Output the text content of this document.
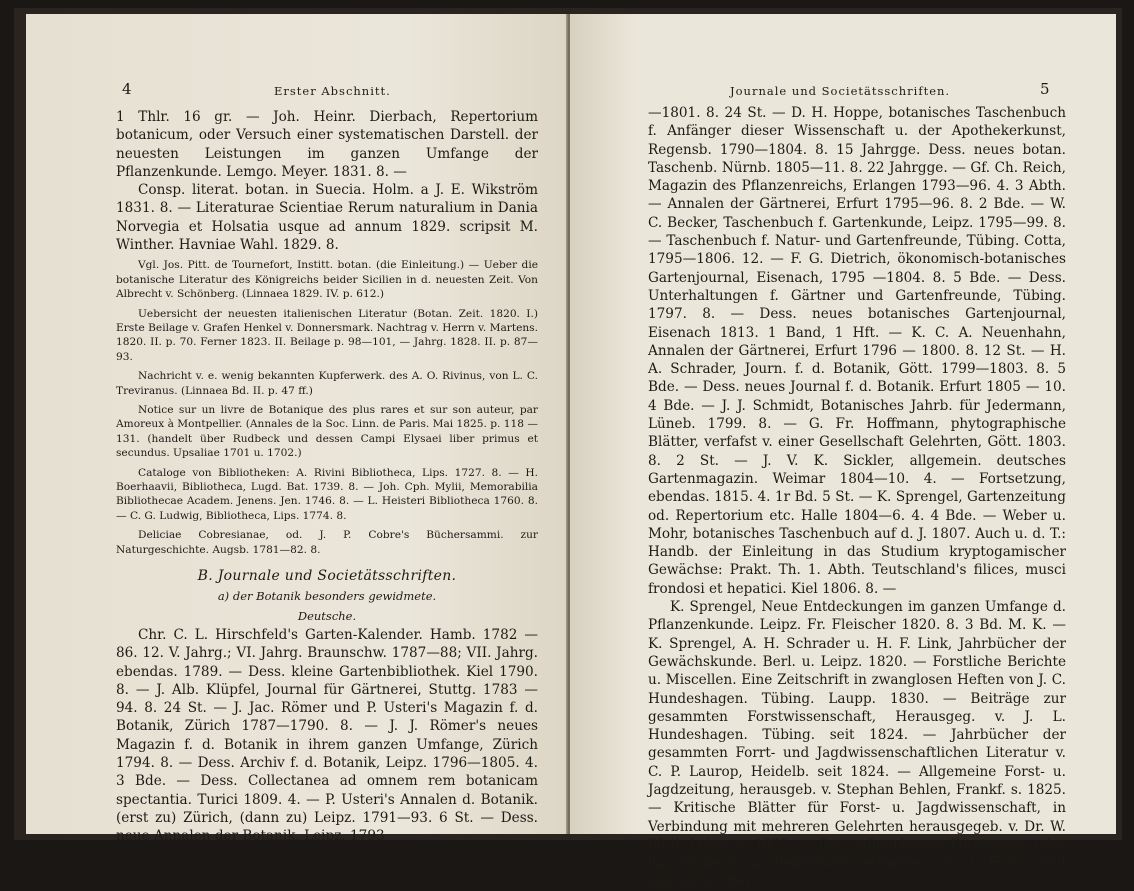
4	Erster Abschnitt.

1 Thlr. 16 gr. — Joh. Heinr. Dierbach, Repertorium botanicum, oder Versuch einer systematischen Darstell. der neuesten Leistungen im ganzen Umfange der Pflanzenkunde. Lemgo. Meyer. 1831. 8. —

Consp. literat. botan. in Suecia. Holm. a J. E. Wikström 1831. 8. — Literaturae Scientiae Rerum naturalium in Dania Norvegia et Holsatia usque ad annum 1829. scripsit M. Winther. Havniae Wahl. 1829. 8.

Vgl. Jos. Pitt. de Tournefort, Institt. botan. (die Einleitung.) — Ueber die botanische Literatur des Königreichs beider Sicilien in d. neuesten Zeit. Von Albrecht v. Schönberg. (Linnaea 1829. IV. p. 612.)

Uebersicht der neuesten italienischen Literatur (Botan. Zeit. 1820. I.) Erste Beilage v. Grafen Henkel v. Donnersmark. Nachtrag v. Herrn v. Martens. 1820. II. p. 70. Ferner 1823. II. Beilage p. 98—101, — Jahrg. 1828. II. p. 87—93.

Nachricht v. e. wenig bekannten Kupferwerk. des A. O. Rivinus, von L. C. Treviranus. (Linnaea Bd. II. p. 47 ff.)

Notice sur un livre de Botanique des plus rares et sur son auteur, par Amoreux à Montpellier. (Annales de la Soc. Linn. de Paris. Mai 1825. p. 118 — 131. (handelt über Rudbeck und dessen Campi Elysaei liber primus et secundus. Upsaliae 1701 u. 1702.)

Cataloge von Bibliotheken: A. Rivini Bibliotheca, Lips. 1727. 8. — H. Boerhaavii, Bibliotheca, Lugd. Bat. 1739. 8. — Joh. Cph. Mylii, Memorabilia Bibliothecae Academ. Jenens. Jen. 1746. 8. — L. Heisteri Bibliotheca 1760. 8. — C. G. Ludwig, Bibliotheca, Lips. 1774. 8.

Deliciae Cobresianae, od. J. P. Cobre's Büchersammi. zur Naturgeschichte. Augsb. 1781—82. 8.

B. Journale und Societätsschriften.

a) der Botanik besonders gewidmete.

Deutsche.

Chr. C. L. Hirschfeld's Garten-Kalender. Hamb. 1782 — 86. 12. V. Jahrg.; VI. Jahrg. Braunschw. 1787—88; VII. Jahrg. ebendas. 1789. — Dess. kleine Gartenbibliothek. Kiel 1790. 8. — J. Alb. Klüpfel, Journal für Gärtnerei, Stuttg. 1783 — 94. 8. 24 St. — J. Jac. Römer und P. Usteri's Magazin f. d. Botanik, Zürich 1787—1790. 8. — J. J. Römer's neues Magazin f. d. Botanik in ihrem ganzen Umfange, Zürich 1794. 8. — Dess. Archiv f. d. Botanik, Leipz. 1796—1805. 4. 3 Bde. — Dess. Collectanea ad omnem rem botanicam spectantia. Turici 1809. 4. — P. Usteri's Annalen d. Botanik. (erst zu) Zürich, (dann zu) Leipz. 1791—93. 6 St. — Dess. neue Annalen der Botanik, Leipz. 1793

Journale und Societätsschriften.	5

—1801. 8. 24 St. — D. H. Hoppe, botanisches Taschenbuch f. Anfänger dieser Wissenschaft u. der Apothekerkunst, Regensb. 1790—1804. 8. 15 Jahrgge. Dess. neues botan. Taschenb. Nürnb. 1805—11. 8. 22 Jahrgge. — Gf. Ch. Reich, Magazin des Pflanzenreichs, Erlangen 1793—96. 4. 3 Abth. — Annalen der Gärtnerei, Erfurt 1795—96. 8. 2 Bde. — W. C. Becker, Taschenbuch f. Gartenkunde, Leipz. 1795—99. 8. — Taschenbuch f. Natur- und Gartenfreunde, Tübing. Cotta, 1795—1806. 12. — F. G. Dietrich, ökonomisch-botanisches Gartenjournal, Eisenach, 1795 —1804. 8. 5 Bde. — Dess. Unterhaltungen f. Gärtner und Gartenfreunde, Tübing. 1797. 8. — Dess. neues botanisches Gartenjournal, Eisenach 1813. 1 Band, 1 Hft. — K. C. A. Neuenhahn, Annalen der Gärtnerei, Erfurt 1796 — 1800. 8. 12 St. — H. A. Schrader, Journ. f. d. Botanik, Gött. 1799—1803. 8. 5 Bde. — Dess. neues Journal f. d. Botanik. Erfurt 1805 — 10. 4 Bde. — J. J. Schmidt, Botanisches Jahrb. für Jedermann, Lüneb. 1799. 8. — G. Fr. Hoffmann, phytographische Blätter, verfafst v. einer Gesellschaft Gelehrten, Gött. 1803. 8. 2 St. — J. V. K. Sickler, allgemein. deutsches Gartenmagazin. Weimar 1804—10. 4. — Fortsetzung, ebendas. 1815. 4. 1r Bd. 5 St. — K. Sprengel, Gartenzeitung od. Repertorium etc. Halle 1804—6. 4. 4 Bde. — Weber u. Mohr, botanisches Taschenbuch auf d. J. 1807. Auch u. d. T.: Handb. der Einleitung in das Studium kryptogamischer Gewächse: Prakt. Th. 1. Abth. Teutschland's filices, musci frondosi et hepatici. Kiel 1806. 8. —

K. Sprengel, Neue Entdeckungen im ganzen Umfange d. Pflanzenkunde. Leipz. Fr. Fleischer 1820. 8. 3 Bd. M. K. — K. Sprengel, A. H. Schrader u. H. F. Link, Jahrbücher der Gewächskunde. Berl. u. Leipz. 1820. — Forstliche Berichte u. Miscellen. Eine Zeitschrift in zwanglosen Heften von J. C. Hundeshagen. Tübing. Laupp. 1830. — Beiträge zur gesammten Forstwissenschaft, Herausgeg. v. J. L. Hundeshagen. Tübing. seit 1824. — Jahrbücher der gesammten Forrt- und Jagdwissenschaftlichen Literatur v. C. P. Laurop, Heidelb. seit 1824. — Allgemeine Forst- u. Jagdzeitung, herausgeb. v. Stephan Behlen, Frankf. s. 1825. — Kritische Blätter für Forst- u. Jagdwissenschaft, in Verbindung mit mehreren Gelehrten herausgegeb. v. Dr. W. Pfeil, Leipz. s. 1825. — Der aufmerksame Forstmann, oder das Neueste u. Bemerkenswertheste aus d. Forst- und Jagdfache. Her-
